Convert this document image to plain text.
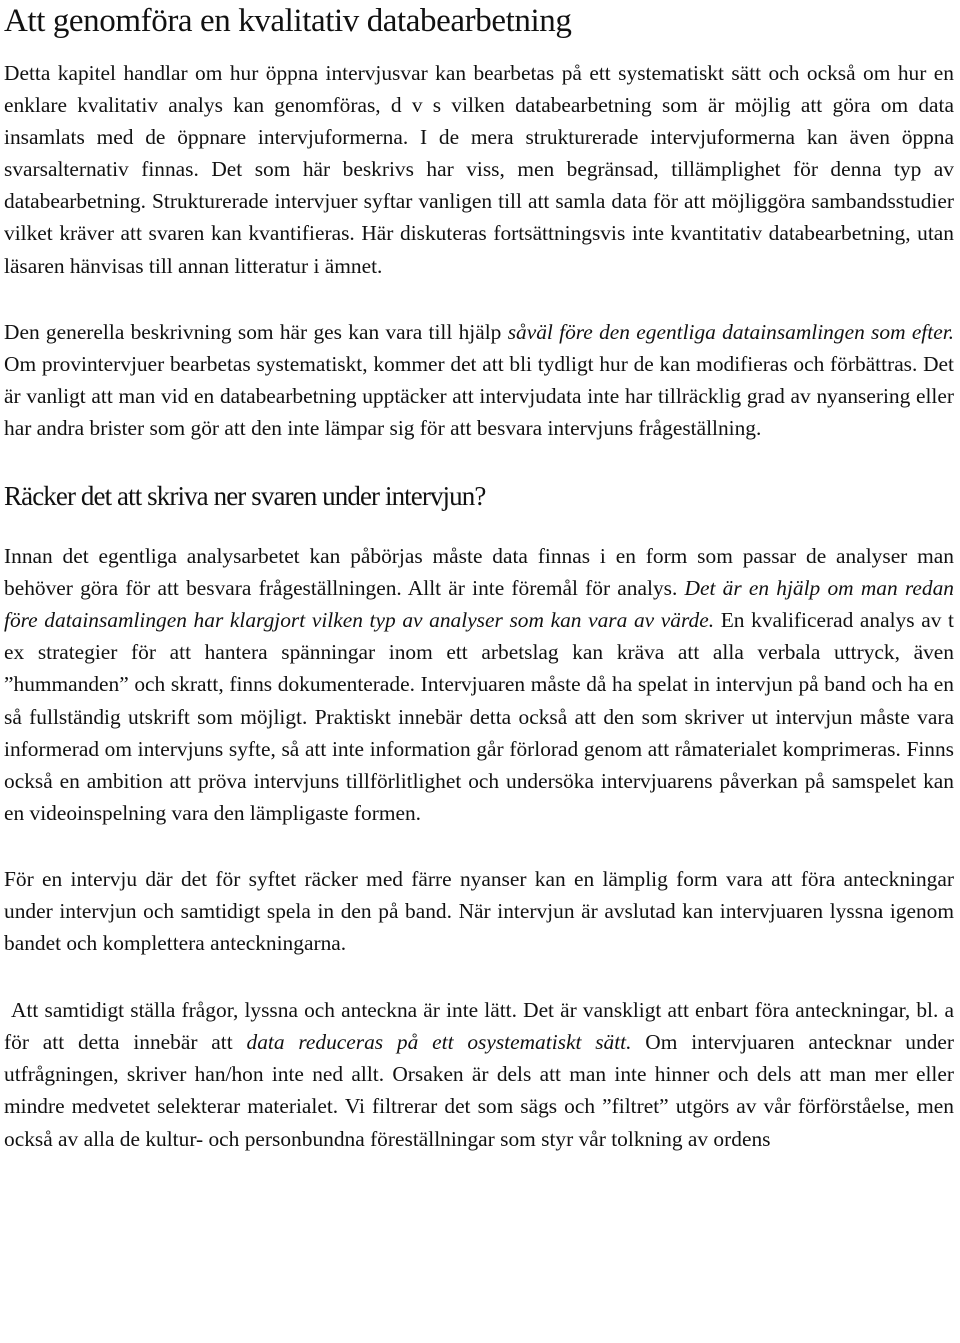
Att genomföra en kvalitativ databearbetning

Detta kapitel handlar om hur öppna intervjusvar kan bearbetas på ett systematiskt sätt och också om hur en enklare kvalitativ analys kan genomföras, d v s vilken databearbetning som är möjlig att göra om data insamlats med de öppnare intervjuformerna. I de mera strukturerade intervjuformerna kan även öppna svarsalternativ finnas. Det som här beskrivs har viss, men begränsad, tillämplighet för denna typ av databearbetning. Strukturerade intervjuer syftar vanligen till att samla data för att möjliggöra sambandsstudier vilket kräver att svaren kan kvantifieras. Här diskuteras fortsättningsvis inte kvantitativ databearbetning, utan läsaren hänvisas till annan litteratur i ämnet.

Den generella beskrivning som här ges kan vara till hjälp såväl före den egentliga datainsamlingen som efter. Om provintervjuer bearbetas systematiskt, kommer det att bli tydligt hur de kan modifieras och förbättras. Det är vanligt att man vid en databearbetning upptäcker att intervjudata inte har tillräcklig grad av nyansering eller har andra brister som gör att den inte lämpar sig för att besvara intervjuns frågeställning.

Räcker det att skriva ner svaren under intervjun?

Innan det egentliga analysarbetet kan påbörjas måste data finnas i en form som passar de analyser man behöver göra för att besvara frågeställningen. Allt är inte föremål för analys. Det är en hjälp om man redan före datainsamlingen har klargjort vilken typ av analyser som kan vara av värde. En kvalificerad analys av t ex strategier för att hantera spänningar inom ett arbetslag kan kräva att alla verbala uttryck, även ”hummanden” och skratt, finns dokumenterade. Intervjuaren måste då ha spelat in intervjun på band och ha en så fullständig utskrift som möjligt. Praktiskt innebär detta också att den som skriver ut intervjun måste vara informerad om intervjuns syfte, så att inte information går förlorad genom att råmaterialet komprimeras. Finns också en ambition att pröva intervjuns tillförlitlighet och undersöka intervjuarens påverkan på samspelet kan en videoinspelning vara den lämpligaste formen.

För en intervju där det för syftet räcker med färre nyanser kan en lämplig form vara att föra anteckningar under intervjun och samtidigt spela in den på band. När intervjun är avslutad kan intervjuaren lyssna igenom bandet och komplettera anteckningarna.

Att samtidigt ställa frågor, lyssna och anteckna är inte lätt. Det är vanskligt att enbart föra anteckningar, bl. a för att detta innebär att data reduceras på ett osystematiskt sätt. Om intervjuaren antecknar under utfrågningen, skriver han/hon inte ned allt. Orsaken är dels att man inte hinner och dels att man mer eller mindre medvetet selekterar materialet. Vi filtrerar det som sägs och ”filtret” utgörs av vår förförståelse, men också av alla de kultur- och personbundna föreställningar som styr vår tolkning av ordens
